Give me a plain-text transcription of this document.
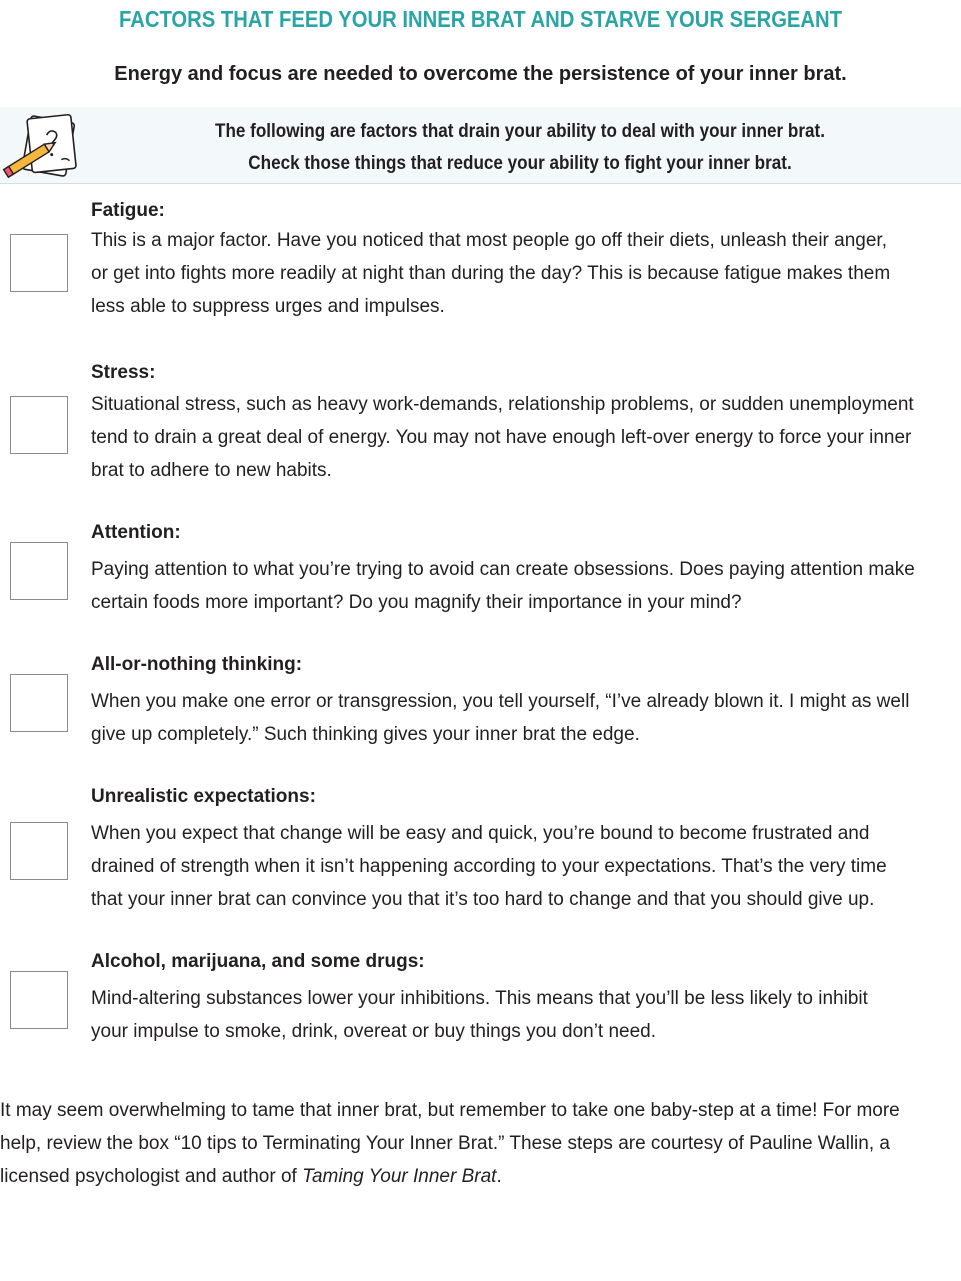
FACTORS THAT FEED YOUR INNER BRAT AND STARVE YOUR SERGEANT

Energy and focus are needed to overcome the persistence of your inner brat.

The following are factors that drain your ability to deal with your inner brat.
Check those things that reduce your ability to fight your inner brat.
Fatigue:
This is a major factor. Have you noticed that most people go off their diets, unleash their anger,
or get into fights more readily at night than during the day? This is because fatigue makes them
less able to suppress urges and impulses.
Stress:
Situational stress, such as heavy work-demands, relationship problems, or sudden unemployment
tend to drain a great deal of energy. You may not have enough left-over energy to force your inner
brat to adhere to new habits.
Attention:
Paying attention to what you’re trying to avoid can create obsessions. Does paying attention make
certain foods more important? Do you magnify their importance in your mind?
All-or-nothing thinking:
When you make one error or transgression, you tell yourself, “I’ve already blown it. I might as well
give up completely.” Such thinking gives your inner brat the edge.
Unrealistic expectations:
When you expect that change will be easy and quick, you’re bound to become frustrated and
drained of strength when it isn’t happening according to your expectations. That’s the very time
that your inner brat can convince you that it’s too hard to change and that you should give up.
Alcohol, marijuana, and some drugs:
Mind-altering substances lower your inhibitions. This means that you’ll be less likely to inhibit
your impulse to smoke, drink, overeat or buy things you don’t need.
It may seem overwhelming to tame that inner brat, but remember to take one baby-step at a time! For more
help, review the box “10 tips to Terminating Your Inner Brat.” These steps are courtesy of Pauline Wallin, a
licensed psychologist and author of Taming Your Inner Brat.
